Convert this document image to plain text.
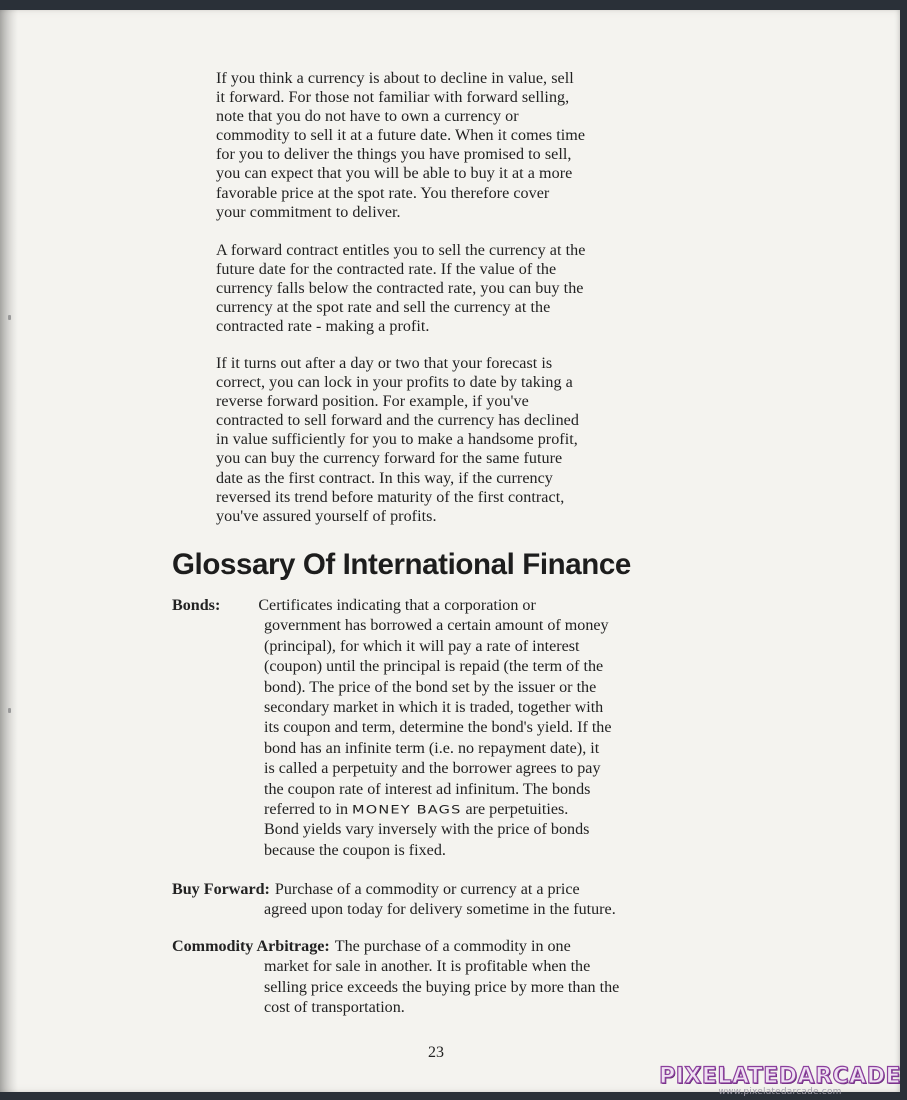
If you think a currency is about to decline in value, sell
it forward. For those not familiar with forward selling,
note that you do not have to own a currency or
commodity to sell it at a future date. When it comes time
for you to deliver the things you have promised to sell,
you can expect that you will be able to buy it at a more
favorable price at the spot rate. You therefore cover
your commitment to deliver.

A forward contract entitles you to sell the currency at the
future date for the contracted rate. If the value of the
currency falls below the contracted rate, you can buy the
currency at the spot rate and sell the currency at the
contracted rate - making a profit.

If it turns out after a day or two that your forecast is
correct, you can lock in your profits to date by taking a
reverse forward position. For example, if you've
contracted to sell forward and the currency has declined
in value sufficiently for you to make a handsome profit,
you can buy the currency forward for the same future
date as the first contract. In this way, if the currency
reversed its trend before maturity of the first contract,
you've assured yourself of profits.

Glossary Of International Finance
Bonds: Certificates indicating that a corporation or
government has borrowed a certain amount of money
(principal), for which it will pay a rate of interest
(coupon) until the principal is repaid (the term of the
bond). The price of the bond set by the issuer or the
secondary market in which it is traded, together with
its coupon and term, determine the bond's yield. If the
bond has an infinite term (i.e. no repayment date), it
is called a perpetuity and the borrower agrees to pay
the coupon rate of interest ad infinitum. The bonds
referred to in MONEY BAGS are perpetuities.
Bond yields vary inversely with the price of bonds
because the coupon is fixed.
Buy Forward: Purchase of a commodity or currency at a price
agreed upon today for delivery sometime in the future.
Commodity Arbitrage: The purchase of a commodity in one
market for sale in another. It is profitable when the
selling price exceeds the buying price by more than the
cost of transportation.
23
PIXELATEDARCADE
www.pixelatedarcade.com
